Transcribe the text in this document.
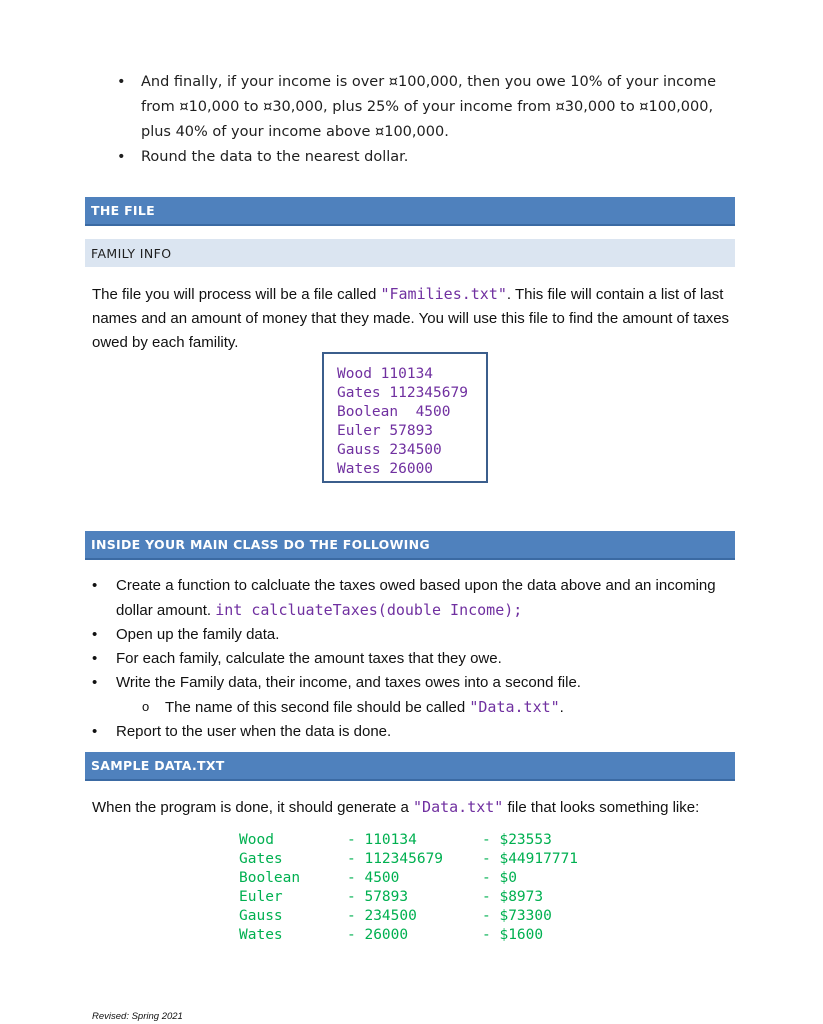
• And finally, if your income is over ¤100,000, then you owe 10% of your income from ¤10,000 to ¤30,000, plus 25% of your income from ¤30,000 to ¤100,000, plus 40% of your income above ¤100,000.
• Round the data to the nearest dollar.
THE FILE
FAMILY INFO
The file you will process will be a file called "Families.txt". This file will contain a list of last names and an amount of money that they made. You will use this file to find the amount of taxes owed by each famility.
Wood 110134
Gates 112345679
Boolean  4500
Euler 57893
Gauss 234500
Wates 26000
INSIDE YOUR MAIN CLASS DO THE FOLLOWING
• Create a function to calcluate the taxes owed based upon the data above and an incoming dollar amount. int calcluateTaxes(double Income);
• Open up the family data.
• For each family, calculate the amount taxes that they owe.
• Write the Family data, their income, and taxes owes into a second file.
o The name of this second file should be called "Data.txt".
• Report to the user when the data is done.
SAMPLE DATA.TXT
When the program is done, it should generate a "Data.txt" file that looks something like:
Wood	- 110134	- $23553
Gates	- 112345679	- $44917771
Boolean	- 4500	- $0
Euler	- 57893	- $8973
Gauss	- 234500	- $73300
Wates	- 26000	- $1600
Revised: Spring 2021
